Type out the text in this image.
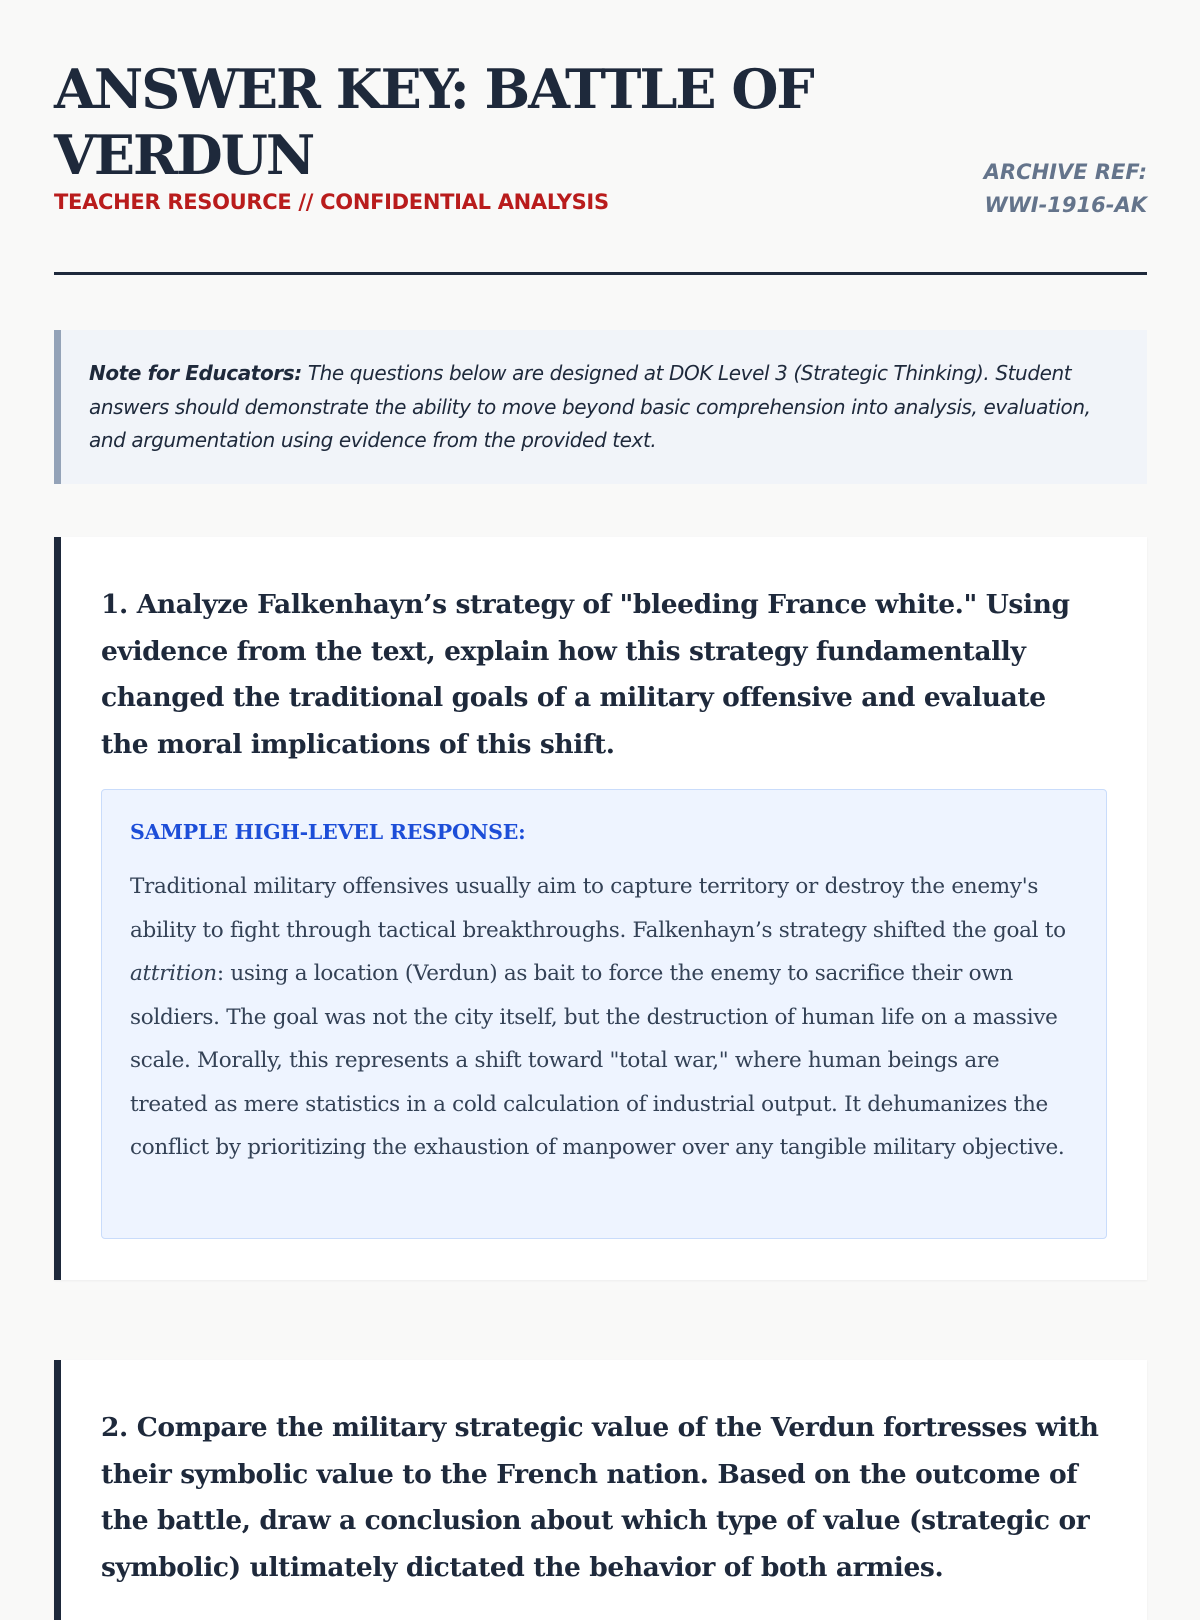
ANSWER KEY: BATTLE OF VERDUN
TEACHER RESOURCE // CONFIDENTIAL ANALYSIS
ARCHIVE REF: WWI-1916-AK
Note for Educators: The questions below are designed at DOK Level 3 (Strategic Thinking). Student answers should demonstrate the ability to move beyond basic comprehension into analysis, evaluation, and argumentation using evidence from the provided text.

1. Analyze Falkenhayn’s strategy of "bleeding France white." Using evidence from the text, explain how this strategy fundamentally changed the traditional goals of a military offensive and evaluate the moral implications of this shift.

SAMPLE HIGH-LEVEL RESPONSE:

Traditional military offensives usually aim to capture territory or destroy the enemy's ability to fight through tactical breakthroughs. Falkenhayn’s strategy shifted the goal to attrition: using a location (Verdun) as bait to force the enemy to sacrifice their own soldiers. The goal was not the city itself, but the destruction of human life on a massive scale. Morally, this represents a shift toward "total war," where human beings are treated as mere statistics in a cold calculation of industrial output. It dehumanizes the conflict by prioritizing the exhaustion of manpower over any tangible military objective.

2. Compare the military strategic value of the Verdun fortresses with their symbolic value to the French nation. Based on the outcome of the battle, draw a conclusion about which type of value (strategic or symbolic) ultimately dictated the behavior of both armies.
